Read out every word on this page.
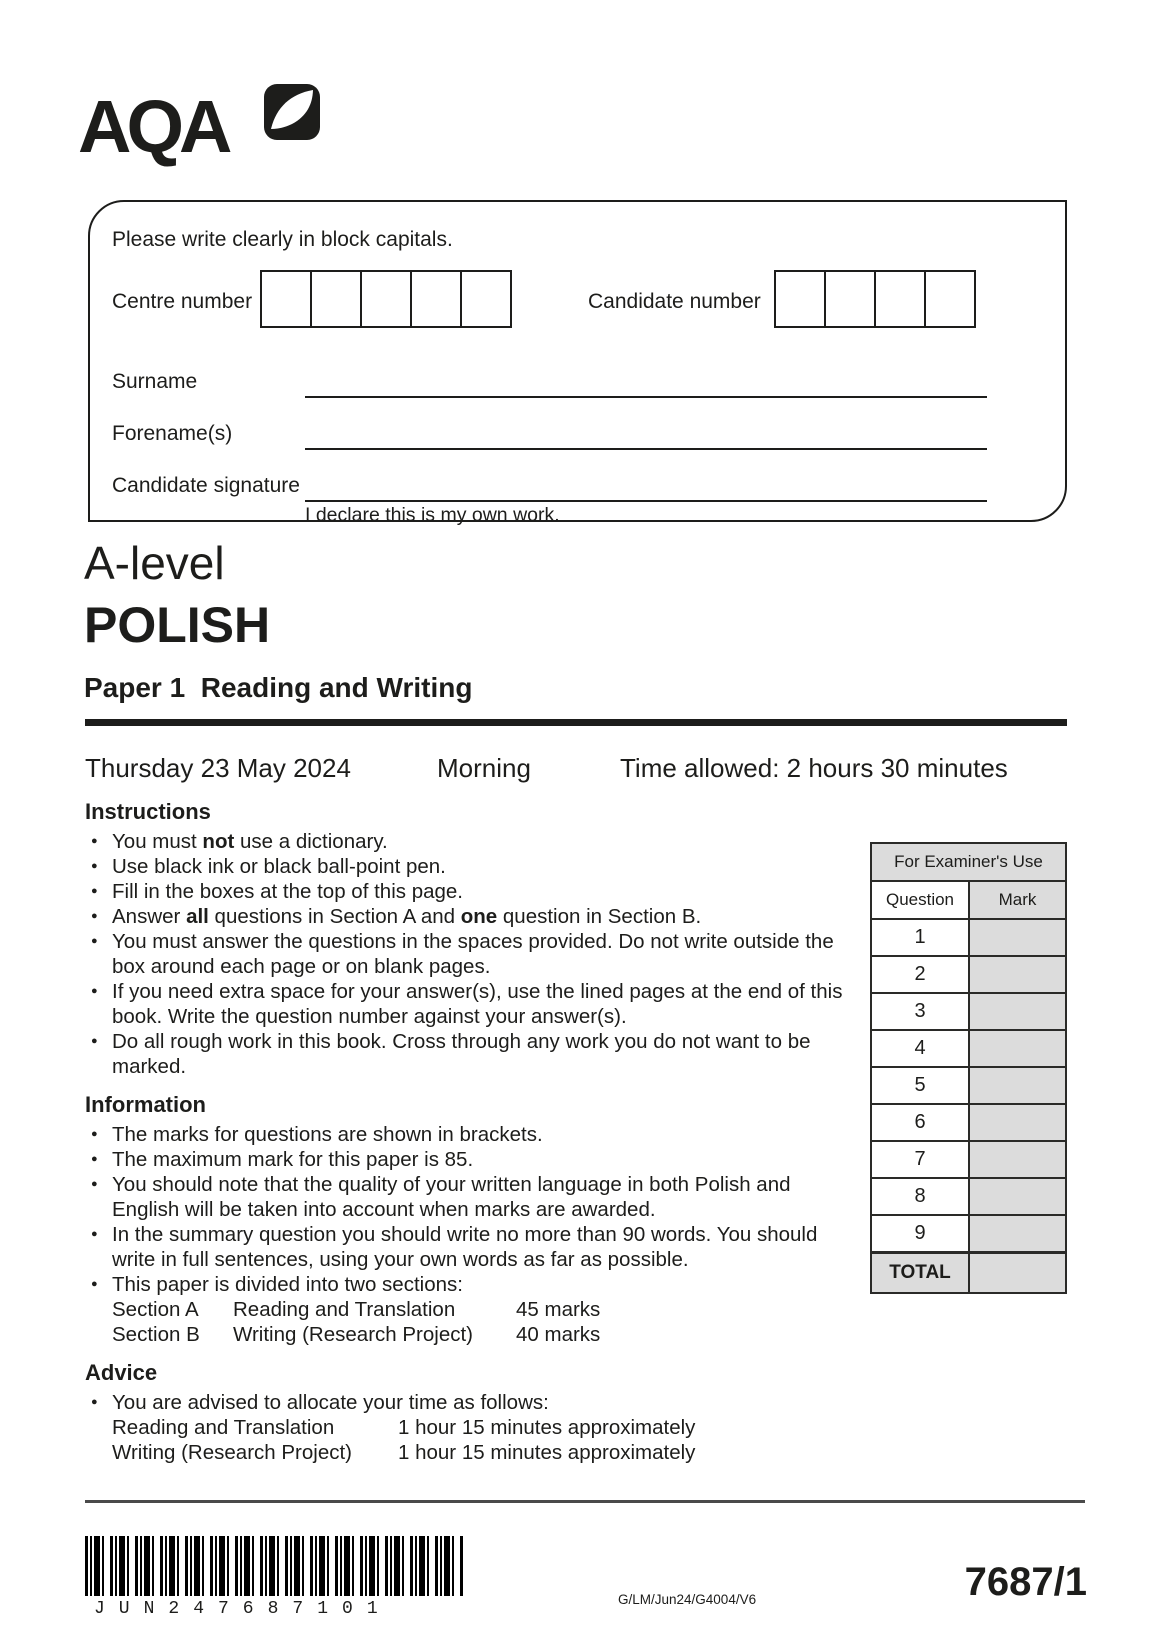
AQA
Please write clearly in block capitals.
Centre number	Candidate number
Surname
Forename(s)
Candidate signature
I declare this is my own work.
A-level
POLISH
Paper 1  Reading and Writing
Thursday 23 May 2024	Morning	Time allowed: 2 hours 30 minutes
Instructions
● You must not use a dictionary.
● Use black ink or black ball-point pen.
● Fill in the boxes at the top of this page.
● Answer all questions in Section A and one question in Section B.
● You must answer the questions in the spaces provided. Do not write outside the box around each page or on blank pages.
● If you need extra space for your answer(s), use the lined pages at the end of this book. Write the question number against your answer(s).
● Do all rough work in this book. Cross through any work you do not want to be marked.
Information
● The marks for questions are shown in brackets.
● The maximum mark for this paper is 85.
● You should note that the quality of your written language in both Polish and English will be taken into account when marks are awarded.
● In the summary question you should write no more than 90 words. You should write in full sentences, using your own words as far as possible.
● This paper is divided into two sections:
Section A	Reading and Translation	45 marks
Section B	Writing (Research Project)	40 marks
Advice
● You are advised to allocate your time as follows:
Reading and Translation	1 hour 15 minutes approximately
Writing (Research Project)	1 hour 15 minutes approximately
For Examiner's Use
Question	Mark
1
2
3
4
5
6
7
8
9
TOTAL
JUN247687101	G/LM/Jun24/G4004/V6	7687/1
